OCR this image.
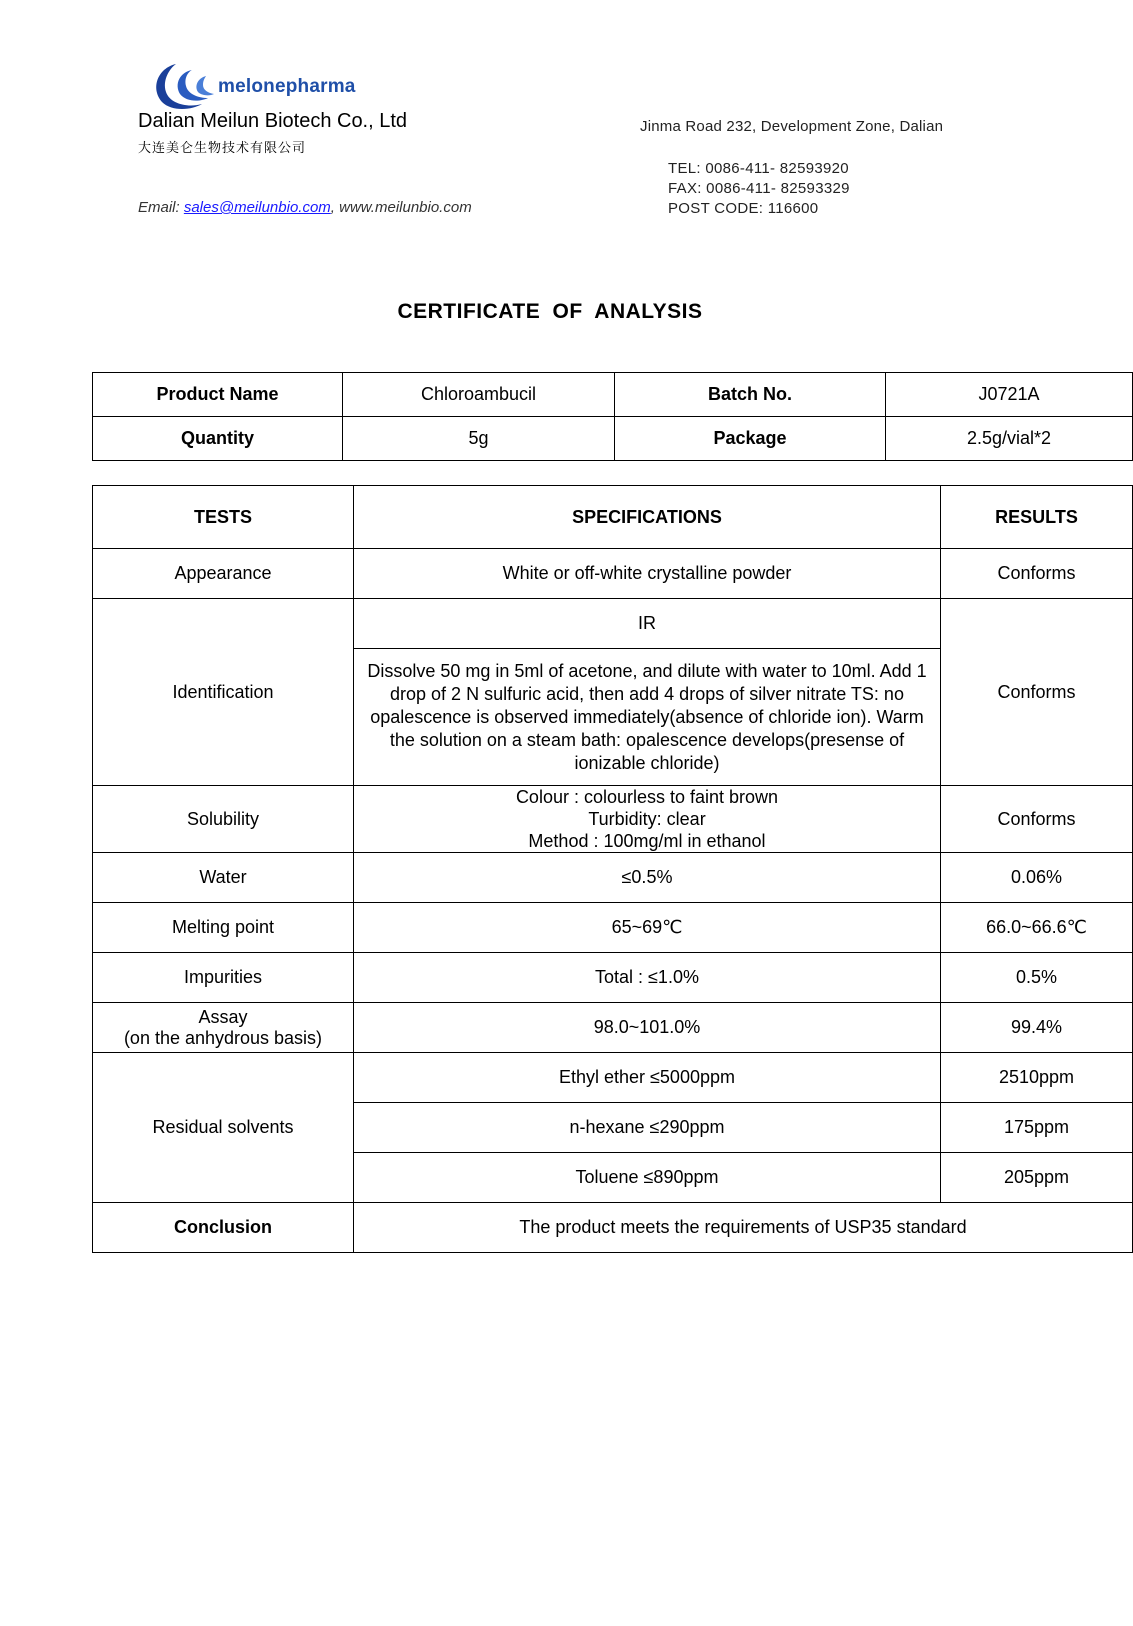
melonepharma
Dalian Meilun Biotech Co., Ltd
大连美仑生物技术有限公司
Email: sales@meilunbio.com, www.meilunbio.com
Jinma Road 232, Development Zone, Dalian
TEL: 0086-411- 82593920
FAX: 0086-411- 82593329
POST CODE: 116600
CERTIFICATE OF ANALYSIS
Product Name	Chloroambucil	Batch No.	J0721A
Quantity	5g	Package	2.5g/vial*2
TESTS	SPECIFICATIONS	RESULTS
Appearance	White or off-white crystalline powder	Conforms
Identification	IR	Conforms
	Dissolve 50 mg in 5ml of acetone, and dilute with water to 10ml. Add 1 drop of 2 N sulfuric acid, then add 4 drops of silver nitrate TS: no opalescence is observed immediately(absence of chloride ion). Warm the solution on a steam bath: opalescence develops(presense of ionizable chloride)	
Solubility	Colour : colourless to faint brown
Turbidity: clear
Method : 100mg/ml in ethanol	Conforms
Water	≤0.5%	0.06%
Melting point	65~69℃	66.0~66.6℃
Impurities	Total : ≤1.0%	0.5%

Assay
(on the anhydrous basis)	98.0~101.0%	99.4%
Residual solvents	Ethyl ether ≤5000ppm	2510ppm
	n-hexane ≤290ppm	175ppm
	Toluene ≤890ppm	205ppm
Conclusion	The product meets the requirements of USP35 standard	
